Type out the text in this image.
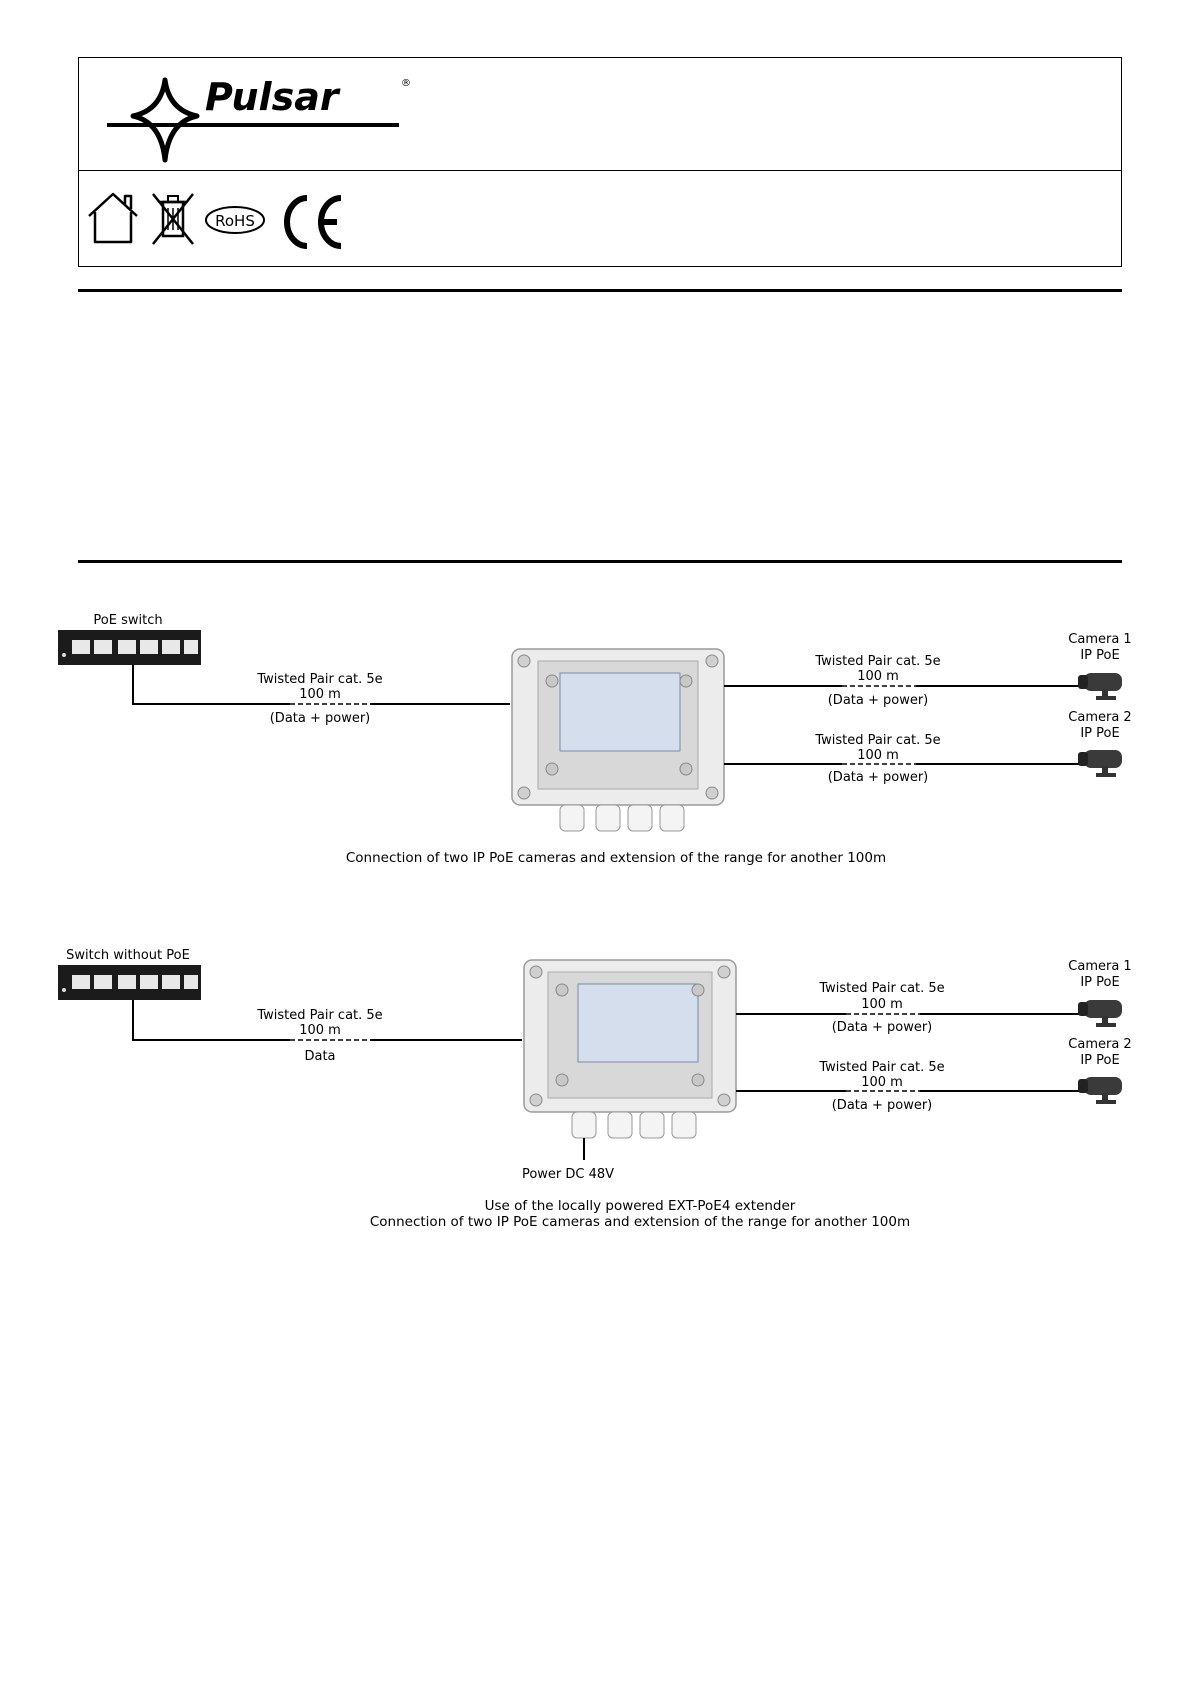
Pulsar	®
RoHS
CE
PoE switch
Twisted Pair cat. 5e
100 m
(Data + power)
Twisted Pair cat. 5e
100 m
(Data + power)
Twisted Pair cat. 5e
100 m
(Data + power)
Camera 1
IP PoE
Camera 2
IP PoE
Connection of two IP PoE cameras and extension of the range for another 100m
Switch without PoE
Twisted Pair cat. 5e
100 m
Data
Power DC 48V
Twisted Pair cat. 5e
100 m
(Data + power)
Twisted Pair cat. 5e
100 m
(Data + power)
Camera 1
IP PoE
Camera 2
IP PoE
Use of the locally powered EXT-PoE4 extender
Connection of two IP PoE cameras and extension of the range for another 100m
